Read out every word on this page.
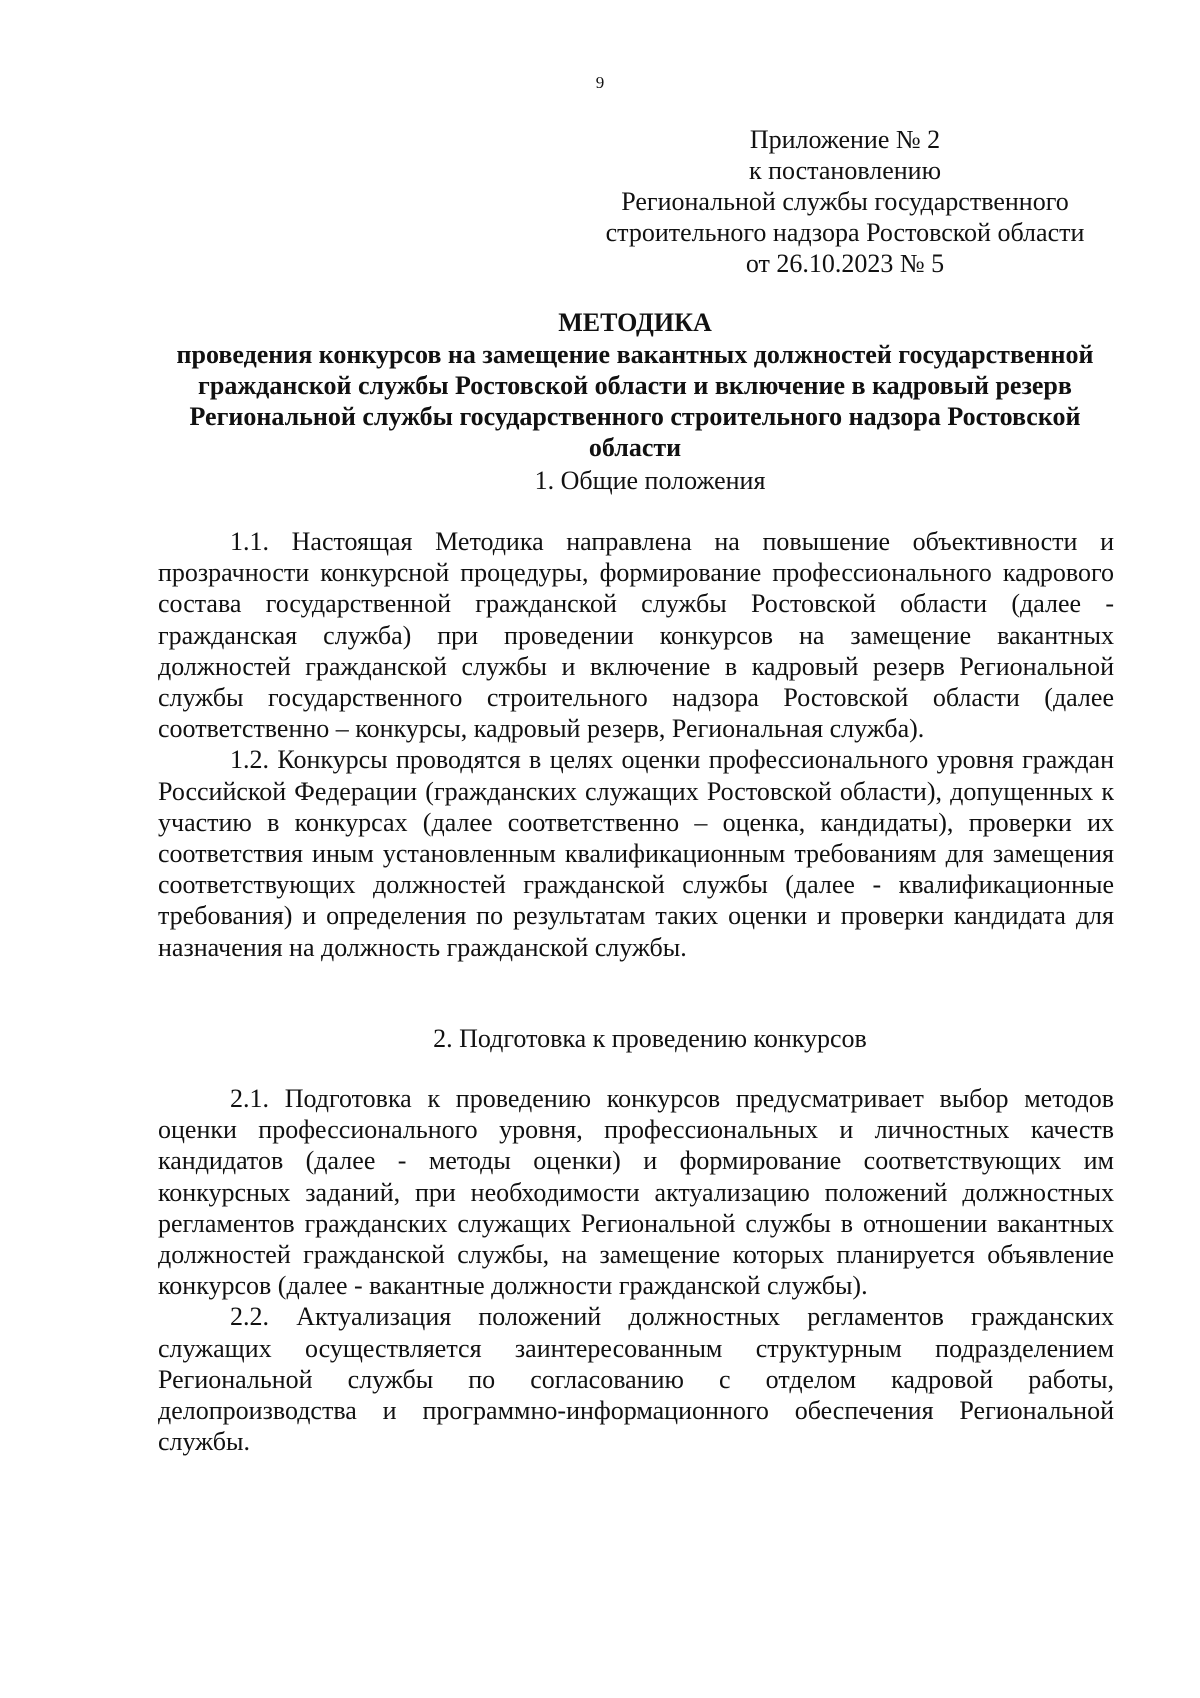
9
Приложение № 2
к постановлению
Региональной службы государственного
строительного надзора Ростовской области
от 26.10.2023 № 5
МЕТОДИКА
проведения конкурсов на замещение вакантных должностей государственной гражданской службы Ростовской области и включение в кадровый резерв Региональной службы государственного строительного надзора Ростовской области
1. Общие положения

1.1. Настоящая Методика направлена на повышение объективности и прозрачности конкурсной процедуры, формирование профессионального кадрового состава государственной гражданской службы Ростовской области (далее - гражданская служба) при проведении конкурсов на замещение вакантных должностей гражданской службы и включение в кадровый резерв Региональной службы государственного строительного надзора Ростовской области (далее соответственно – конкурсы, кадровый резерв, Региональная служба).

1.2. Конкурсы проводятся в целях оценки профессионального уровня граждан Российской Федерации (гражданских служащих Ростовской области), допущенных к участию в конкурсах (далее соответственно – оценка, кандидаты), проверки их соответствия иным установленным квалификационным требованиям для замещения соответствующих должностей гражданской службы (далее - квалификационные требования) и определения по результатам таких оценки и проверки кандидата для назначения на должность гражданской службы.

2. Подготовка к проведению конкурсов

2.1. Подготовка к проведению конкурсов предусматривает выбор методов оценки профессионального уровня, профессиональных и личностных качеств кандидатов (далее - методы оценки) и формирование соответствующих им конкурсных заданий, при необходимости актуализацию положений должностных регламентов гражданских служащих Региональной службы в отношении вакантных должностей гражданской службы, на замещение которых планируется объявление конкурсов (далее - вакантные должности гражданской службы).

2.2. Актуализация положений должностных регламентов гражданских служащих осуществляется заинтересованным структурным подразделением Региональной службы по согласованию с отделом кадровой работы, делопроизводства и программно-информационного обеспечения Региональной службы.
